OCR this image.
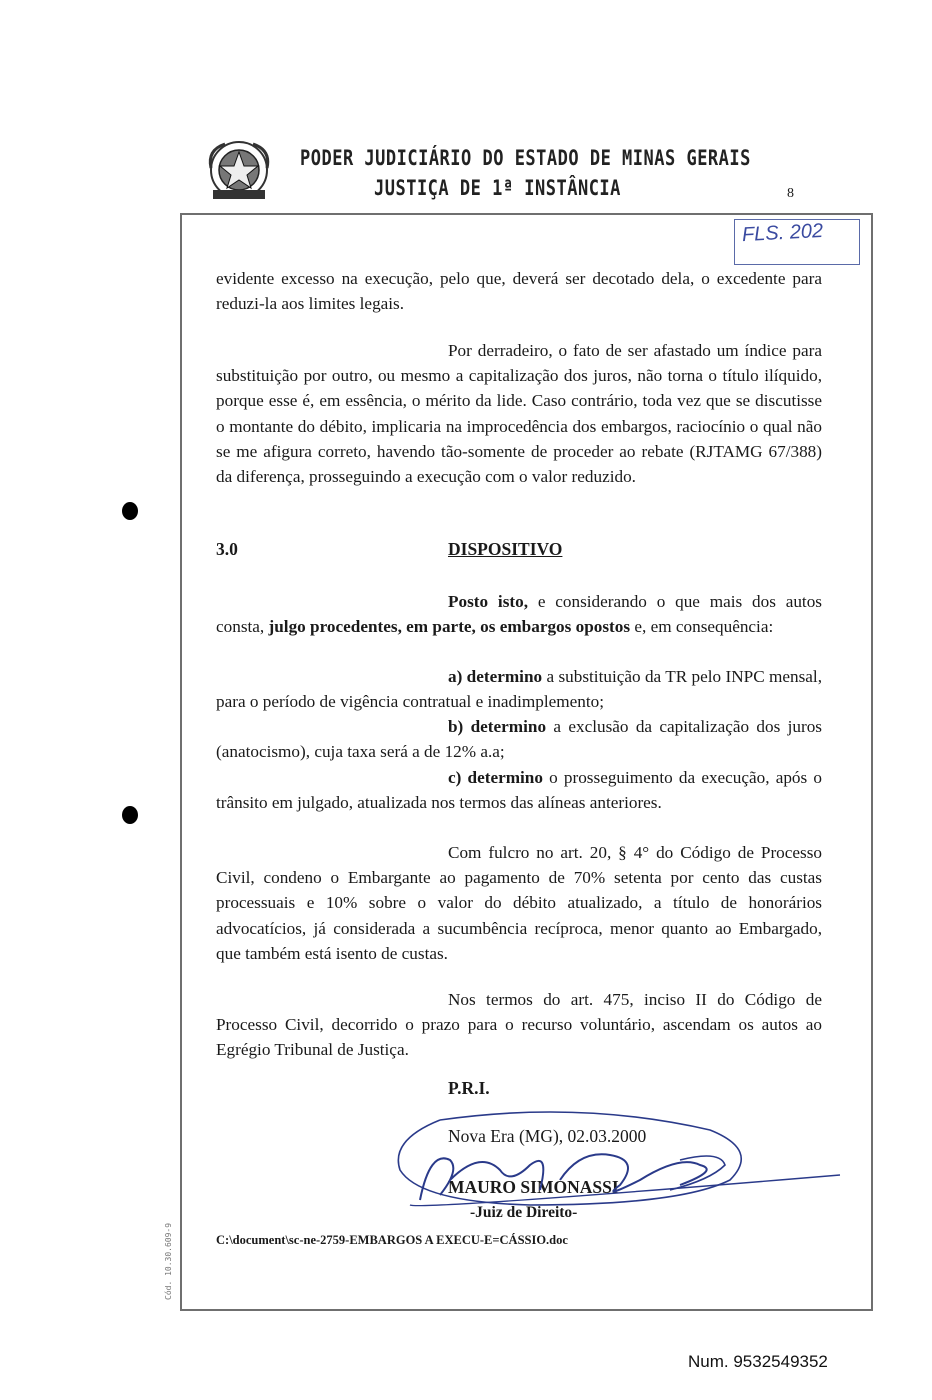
PODER JUDICIÁRIO DO ESTADO DE MINAS GERAIS
JUSTIÇA DE 1ª INSTÂNCIA	8
FLS. 202

evidente excesso na execução, pelo que, deverá ser decotado dela, o excedente para reduzi-la aos limites legais.

Por derradeiro, o fato de ser afastado um índice para substituição por outro, ou mesmo a capitalização dos juros, não torna o título ilíquido, porque esse é, em essência, o mérito da lide. Caso contrário, toda vez que se discutisse o montante do débito, implicaria na improcedência dos embargos, raciocínio o qual não se me afigura correto, havendo tão-somente de proceder ao rebate (RJTAMG 67/388) da diferença, prosseguindo a execução com o valor reduzido.

3.0	DISPOSITIVO

Posto isto, e considerando o que mais dos autos consta, julgo procedentes, em parte, os embargos opostos e, em consequência:

a) determino a substituição da TR pelo INPC mensal, para o período de vigência contratual e inadimplemento;

b) determino a exclusão da capitalização dos juros (anatocismo), cuja taxa será a de 12% a.a;

c) determino o prosseguimento da execução, após o trânsito em julgado, atualizada nos termos das alíneas anteriores.

Com fulcro no art. 20, § 4° do Código de Processo Civil, condeno o Embargante ao pagamento de 70% setenta por cento das custas processuais e 10% sobre o valor do débito atualizado, a título de honorários advocatícios, já considerada a sucumbência recíproca, menor quanto ao Embargado, que também está isento de custas.

Nos termos do art. 475, inciso II do Código de Processo Civil, decorrido o prazo para o recurso voluntário, ascendam os autos ao Egrégio Tribunal de Justiça.

P.R.I.
Nova Era (MG), 02.03.2000
MAURO SIMONASSI
-Juiz de Direito-
C:\document\sc-ne-2759-EMBARGOS A EXECU-E=CÁSSIO.doc
Cód. 10.30.609-9
Num. 9532549352
